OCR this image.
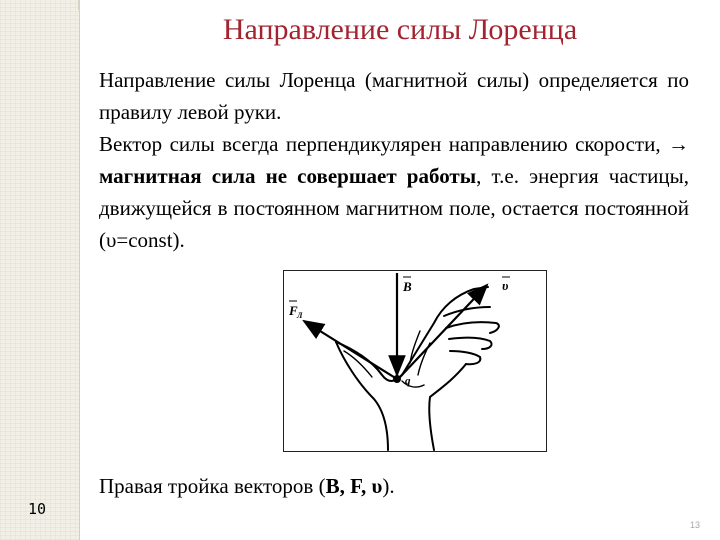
10
Направление силы Лоренца

Направление силы Лоренца (магнитной силы) определяется по правилу левой руки.

Вектор силы всегда перпендикулярен направлению скорости, → магнитная сила не совершает работы, т.е. энергия частицы, движущейся в постоянном магнитном поле, остается постоянной (υ=const).

B
F Л
υ
q
Правая тройка векторов (B, F, υ).
13
